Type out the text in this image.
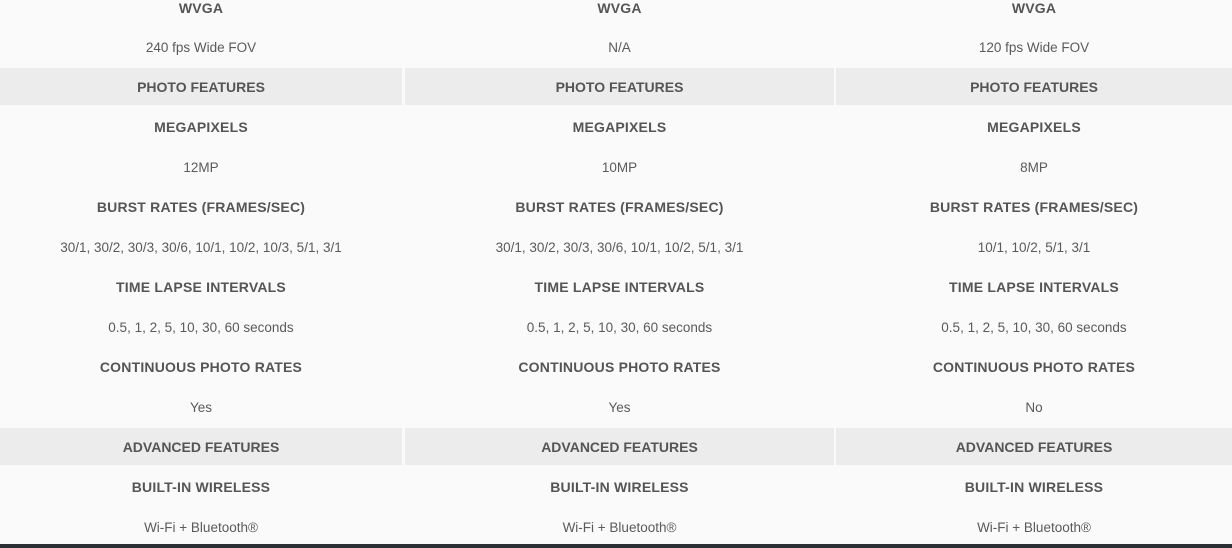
WVGA
240 fps Wide FOV
PHOTO FEATURES
MEGAPIXELS
12MP
BURST RATES (FRAMES/SEC)
30/1, 30/2, 30/3, 30/6, 10/1, 10/2, 10/3, 5/1, 3/1
TIME LAPSE INTERVALS
0.5, 1, 2, 5, 10, 30, 60 seconds
CONTINUOUS PHOTO RATES
Yes
ADVANCED FEATURES
BUILT-IN WIRELESS
Wi-Fi + Bluetooth®
WVGA
N/A
PHOTO FEATURES
MEGAPIXELS
10MP
BURST RATES (FRAMES/SEC)
30/1, 30/2, 30/3, 30/6, 10/1, 10/2, 5/1, 3/1
TIME LAPSE INTERVALS
0.5, 1, 2, 5, 10, 30, 60 seconds
CONTINUOUS PHOTO RATES
Yes
ADVANCED FEATURES
BUILT-IN WIRELESS
Wi-Fi + Bluetooth®
WVGA
120 fps Wide FOV
PHOTO FEATURES
MEGAPIXELS
8MP
BURST RATES (FRAMES/SEC)
10/1, 10/2, 5/1, 3/1
TIME LAPSE INTERVALS
0.5, 1, 2, 5, 10, 30, 60 seconds
CONTINUOUS PHOTO RATES
No
ADVANCED FEATURES
BUILT-IN WIRELESS
Wi-Fi + Bluetooth®
